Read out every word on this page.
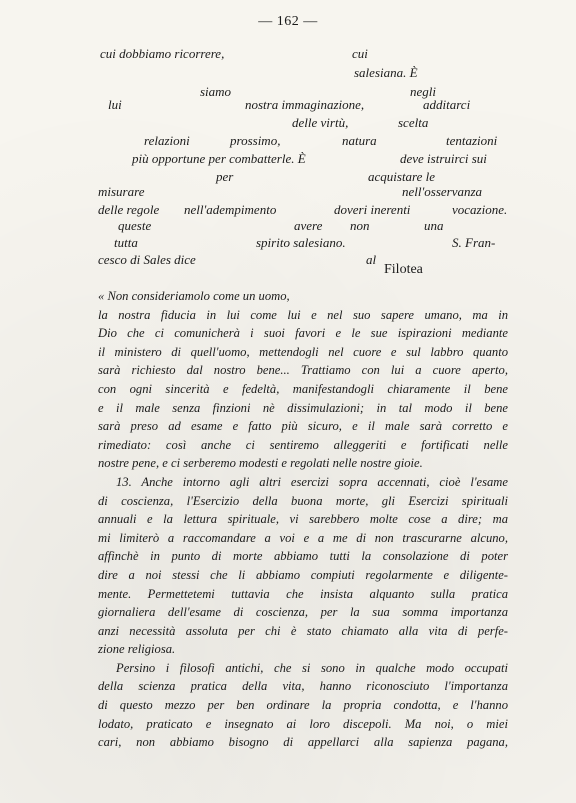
— 162 —
cui dobbiamo ricorrere,	cui
salesiana. È
siamo	negli
lui	nostra immaginazione,	additarci
delle virtù,	scelta
relazioni	prossimo,	natura	tentazioni
più opportune per combatterle. È	deve istruirci sui
per	acquistare le
misurare	nell'osservanza
delle regole nell'adempimento	doveri inerenti	vocazione.
queste	avere non	una
tutta	spirito salesiano.	S. Fran-
cesco di Sales dice	al
Filotea
« Non consideriamolo come un uomo,
la nostra fiducia in lui come lui e nel suo sapere umano, ma in
Dio che ci comunicherà i suoi favori e le sue ispirazioni mediante
il ministero di quell'uomo, mettendogli nel cuore e sul labbro quanto
sarà richiesto dal nostro bene... Trattiamo con lui a cuore aperto,
con ogni sincerità e fedeltà, manifestandogli chiaramente il bene
e il male senza finzioni nè dissimulazioni; in tal modo il bene
sarà preso ad esame e fatto più sicuro, e il male sarà corretto e
rimediato: così anche ci sentiremo alleggeriti e fortificati nelle
nostre pene, e ci serberemo modesti e regolati nelle nostre gioie.
13. Anche intorno agli altri esercizi sopra accennati, cioè l'esame
di coscienza, l'Esercizio della buona morte, gli Esercizi spirituali
annuali e la lettura spirituale, vi sarebbero molte cose a dire; ma
mi limiterò a raccomandare a voi e a me di non trascurarne alcuno,
affinchè in punto di morte abbiamo tutti la consolazione di poter
dire a noi stessi che li abbiamo compiuti regolarmente e diligente-
mente. Permettetemi tuttavia che insista alquanto sulla pratica
giornaliera dell'esame di coscienza, per la sua somma importanza
anzi necessità assoluta per chi è stato chiamato alla vita di perfe-
zione religiosa.
Persino i filosofi antichi, che si sono in qualche modo occupati
della scienza pratica della vita, hanno riconosciuto l'importanza
di questo mezzo per ben ordinare la propria condotta, e l'hanno
lodato, praticato e insegnato ai loro discepoli. Ma noi, o miei
cari, non abbiamo bisogno di appellarci alla sapienza pagana,
